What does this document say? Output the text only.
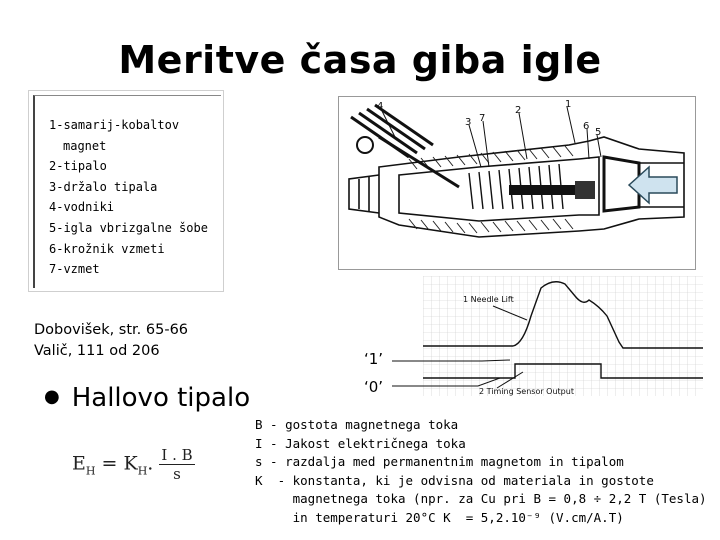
Meritve časa giba igle
1-samarij-kobaltov
magnet
2-tipalo
3-držalo tipala
4-vodniki
5-igla vbrizgalne šobe
6-krožnik vzmeti
7-vzmet
Dobovišek, str. 65-66
Valič, 111 od 206
● Hallovo tipalo
4
3 7
2
1
6
5
1 Needle Lift
2 Timing Sensor Output
‘1’
‘0’
$E_H = K_H$. $\frac{I . B}{s}$
B - gostota magnetnega toka
I - Jakost električnega toka
s - razdalja med permanentnim magnetom in tipalom
K  - konstanta, ki je odvisna od materiala in gostote
magnetnega toka (npr. za Cu pri B = 0,8 ÷ 2,2 T (Tesla)
in temperaturi 20°C K  = 5,2.10⁻⁹ (V.cm/A.T)
